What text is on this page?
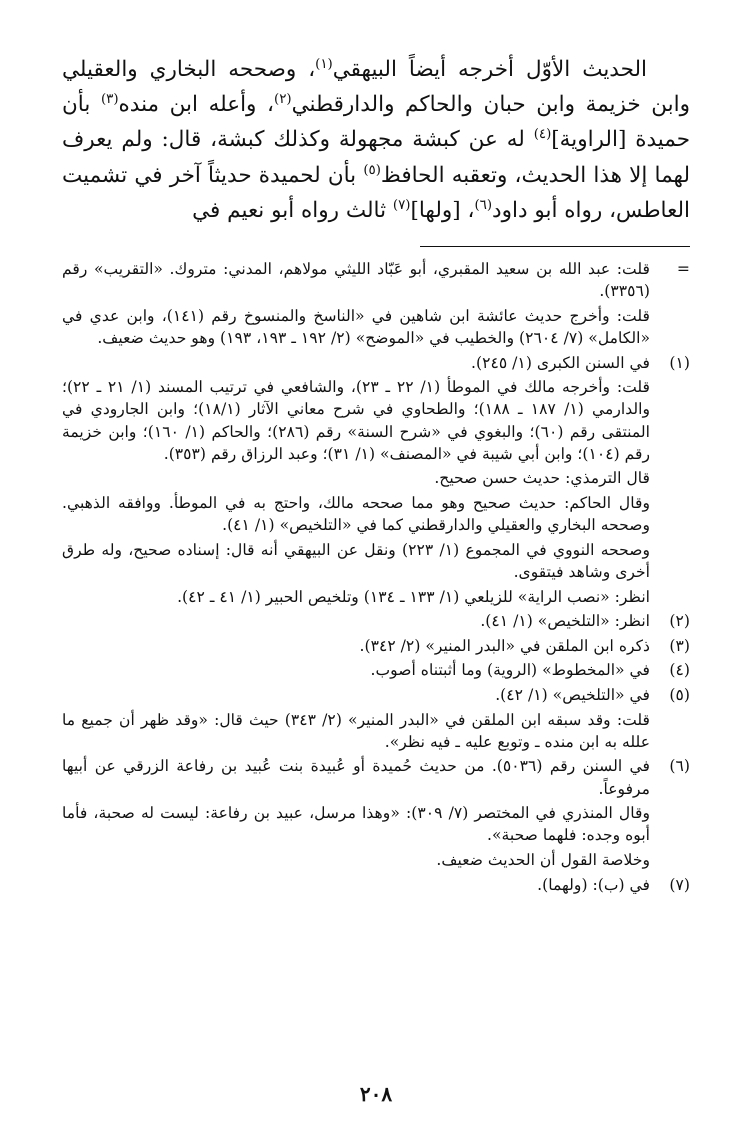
  الحديث الأوّل أخرجه أيضاً البيهقي$^{(١)}$، وصححه البخاري والعقيلي وابن خزيمة وابن حبان والحاكم والدارقطني$^{(٢)}$، وأعله ابن منده$^{(٣)}$ بأن حميدة [الراوية]$^{(٤)}$ له عن كبشة مجهولة وكذلك كبشة، قال: ولم يعرف لهما إلا هذا الحديث، وتعقبه الحافظ$^{(٥)}$ بأن لحميدة حديثاً آخر في تشميت العاطس، رواه أبو داود$^{(٦)}$، [ولها]$^{(٧)}$ ثالث رواه أبو نعيم في

=

قلت: عبد الله بن سعيد المقبري، أبو عَبّاد الليثي مولاهم، المدني: متروك. «التقريب» رقم (٣٣٥٦).

قلت: وأخرج حديث عائشة ابن شاهين في «الناسخ والمنسوخ رقم (١٤١)، وابن عدي في «الكامل» (٧/ ٢٦٠٤) والخطيب في «الموضح» (٢/ ١٩٢ ـ ١٩٣، ١٩٣) وهو حديث ضعيف.

(١)

في السنن الكبرى (١/ ٢٤٥).

قلت: وأخرجه مالك في الموطأ (١/ ٢٢ ـ ٢٣)، والشافعي في ترتيب المسند (١/ ٢١ ـ ٢٢)؛ والدارمي (١/ ١٨٧ ـ ١٨٨)؛ والطحاوي في شرح معاني الآثار (١٨/١)؛ وابن الجارودي في المنتقى رقم (٦٠)؛ والبغوي في «شرح السنة» رقم (٢٨٦)؛ والحاكم (١/ ١٦٠)؛ وابن خزيمة رقم (١٠٤)؛ وابن أبي شيبة في «المصنف» (١/ ٣١)؛ وعبد الرزاق رقم (٣٥٣).

قال الترمذي: حديث حسن صحيح.

وقال الحاكم: حديث صحيح وهو مما صححه مالك، واحتج به في الموطأ. ووافقه الذهبي. وصححه البخاري والعقيلي والدارقطني كما في «التلخيص» (١/ ٤١).

وصححه النووي في المجموع (١/ ٢٢٣) ونقل عن البيهقي أنه قال: إسناده صحيح، وله طرق أخرى وشاهد فيتقوى.

انظر: «نصب الراية» للزيلعي (١/ ١٣٣ ـ ١٣٤) وتلخيص الحبير (١/ ٤١ ـ ٤٢).

(٢)

انظر: «التلخيص» (١/ ٤١).

(٣)

ذكره ابن الملقن في «البدر المنير» (٢/ ٣٤٢).

(٤)

في «المخطوط» (الروية) وما أثبتناه أصوب.

(٥)

في «التلخيص» (١/ ٤٢).

قلت: وقد سبقه ابن الملقن في «البدر المنير» (٢/ ٣٤٣) حيث قال: «وقد ظهر أن جميع ما علله به ابن منده ـ وتوبع عليه ـ فيه نظر».

(٦)

في السنن رقم (٥٠٣٦). من حديث حُميدة أو عُبيدة بنت عُبيد بن رفاعة الزرقي عن أبيها مرفوعاً.

وقال المنذري في المختصر (٧/ ٣٠٩): «وهذا مرسل، عبيد بن رفاعة: ليست له صحبة، فأما أبوه وجده: فلهما صحبة».

وخلاصة القول أن الحديث ضعيف.

(٧)

في (ب): (ولهما).

٢٠٨
